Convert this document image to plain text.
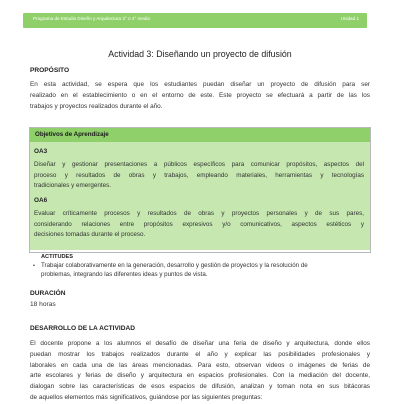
Programa de Estudio Diseño y Arquitectura 3° o 4° medio	Unidad 1
Actividad 3: Diseñando un proyecto de difusión
PROPÓSITO
En esta actividad, se espera que los estudiantes puedan diseñar un proyecto de difusión para ser
realizado en el establecimiento o en el entorno de este. Este proyecto se efectuará a partir de las los
trabajos y proyectos realizados durante el año.
Objetivos de Aprendizaje
OA3
Diseñar y gestionar presentaciones a públicos específicos para comunicar propósitos, aspectos del
proceso y resultados de obras y trabajos, empleando materiales, herramientas y tecnologías
tradicionales y emergentes.
OA6
Evaluar críticamente procesos y resultados de obras y proyectos personales y de sus pares,
considerando relaciones entre propósitos expresivos y/o comunicativos, aspectos estéticos y
decisiones tomadas durante el proceso.
ACTITUDES
• Trabajar colaborativamente en la generación, desarrollo y gestión de proyectos y la resolución de
problemas, integrando las diferentes ideas y puntos de vista.
DURACIÓN
18 horas
DESARROLLO DE LA ACTIVIDAD
El docente propone a los alumnos el desafío de diseñar una feria de diseño y arquitectura, donde ellos
puedan mostrar los trabajos realizados durante el año y explicar las posibilidades profesionales y
laborales en cada una de las áreas mencionadas. Para esto, observan videos o imágenes de ferias de
arte escolares y ferias de diseño y arquitectura en espacios profesionales. Con la mediación del docente,
dialogan sobre las características de esos espacios de difusión, analizan y toman nota en sus bitácoras
de aquellos elementos más significativos, guiándose por las siguientes preguntas:
